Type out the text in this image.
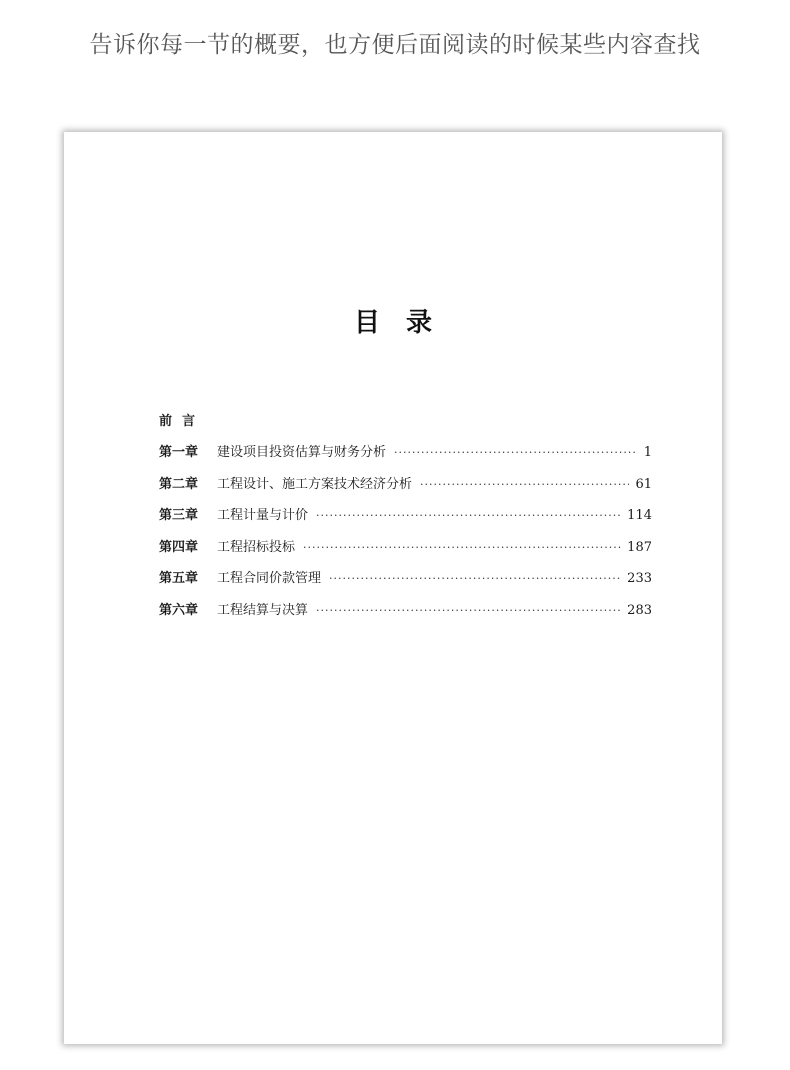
告诉你每一节的概要，也方便后面阅读的时候某些内容查找
目录
前言
第一章	建设项目投资估算与财务分析 ·····	1
第二章	工程设计、施工方案技术经济分析 ·····	61
第三章	工程计量与计价 ·····	114
第四章	工程招标投标 ·····	187
第五章	工程合同价款管理 ·····	233
第六章	工程结算与决算 ·····	283
